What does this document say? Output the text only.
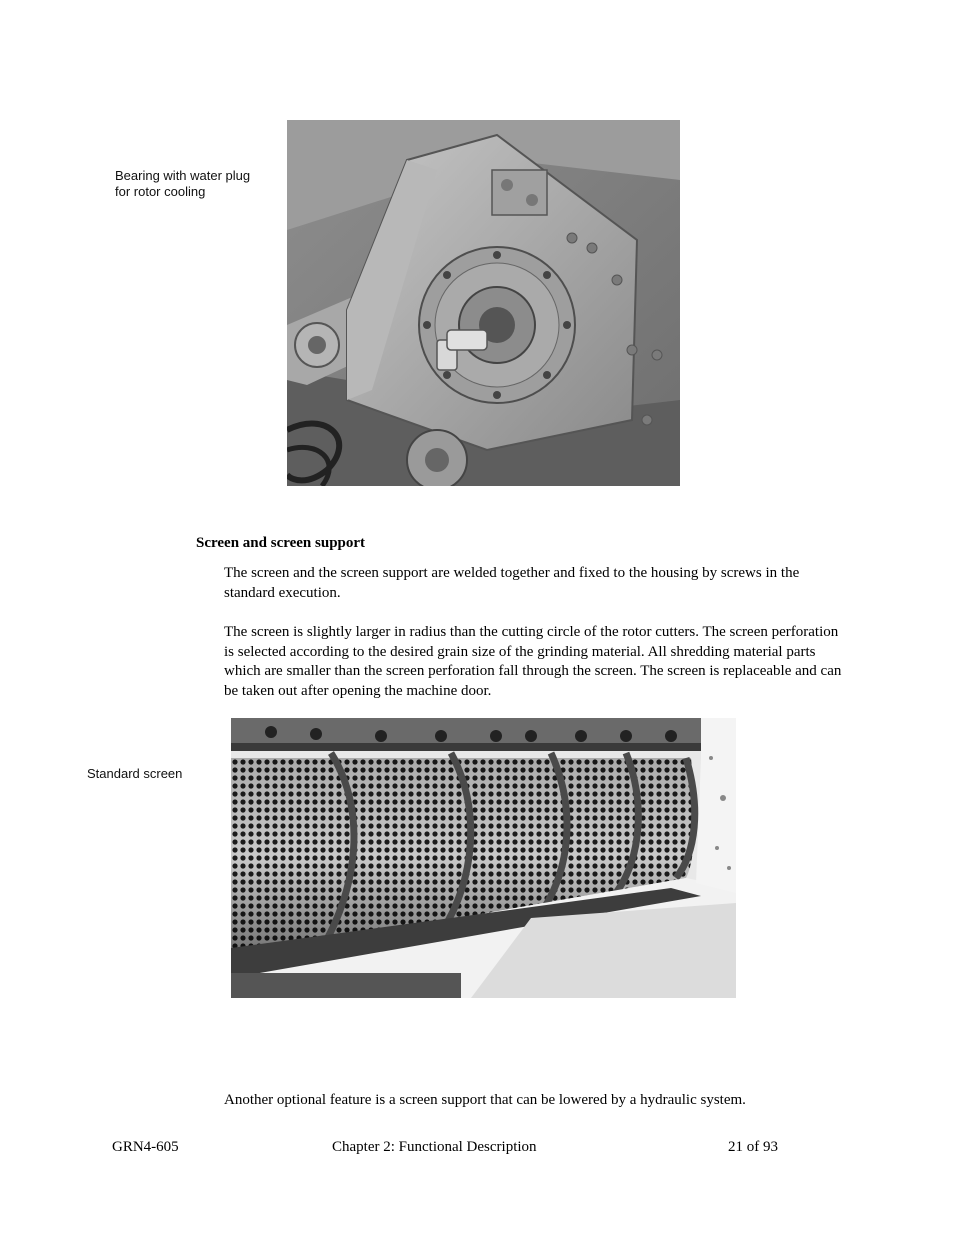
Bearing with water plug
for rotor cooling
Screen and screen support

The screen and the screen support are welded together and fixed to the housing by screws in the standard execution.

The screen is slightly larger in radius than the cutting circle of the rotor cutters. The screen perforation is selected according to the desired grain size of the grinding material. All shredding material parts which are smaller than the screen perforation fall through the screen. The screen is replaceable and can be taken out after opening the machine door.

Standard screen

Another optional feature is a screen support that can be lowered by a hydraulic system.

GRN4-605	Chapter 2: Functional Description	21 of 93
